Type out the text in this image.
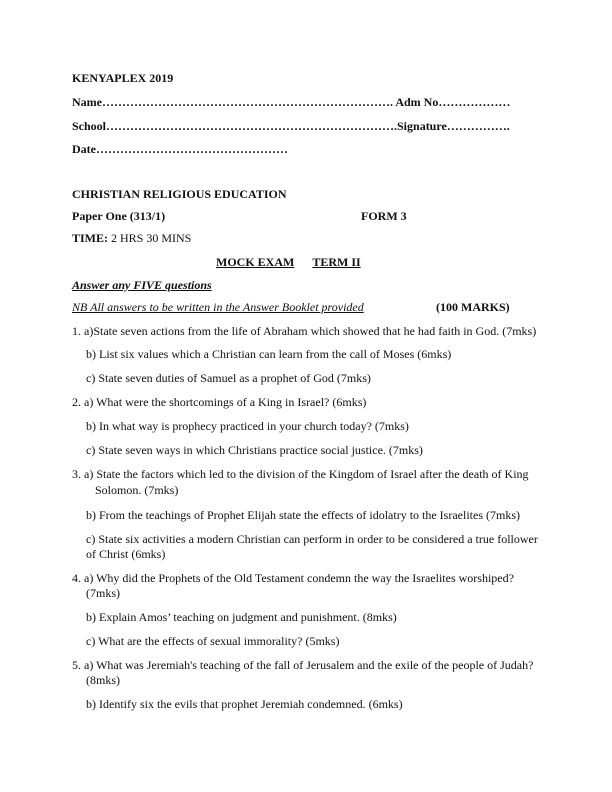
KENYAPLEX 2019
Name………………………………………………………………. Adm No………………
School……………………………………………………………….Signature…………….
Date…………………………………………
CHRISTIAN RELIGIOUS EDUCATION
Paper One (313/1)	FORM 3
TIME: 2 HRS 30 MINS
MOCK EXAM TERM II
Answer any FIVE questions
NB All answers to be written in the Answer Booklet provided	(100 MARKS)
1. a)State seven actions from the life of Abraham which showed that he had faith in God. (7mks)
b) List six values which a Christian can learn from the call of Moses (6mks)
c) State seven duties of Samuel as a prophet of God (7mks)
2. a) What were the shortcomings of a King in Israel? (6mks)
b) In what way is prophecy practiced in your church today? (7mks)
c) State seven ways in which Christians practice social justice. (7mks)
3. a) State the factors which led to the division of the Kingdom of Israel after the death of King
Solomon. (7mks)
b) From the teachings of Prophet Elijah state the effects of idolatry to the Israelites (7mks)
c) State six activities a modern Christian can perform in order to be considered a true follower
of Christ (6mks)
4. a) Why did the Prophets of the Old Testament condemn the way the Israelites worshiped?
(7mks)
b) Explain Amos’ teaching on judgment and punishment. (8mks)
c) What are the effects of sexual immorality? (5mks)
5. a) What was Jeremiah's teaching of the fall of Jerusalem and the exile of the people of Judah?
(8mks)
b) Identify six the evils that prophet Jeremiah condemned. (6mks)
